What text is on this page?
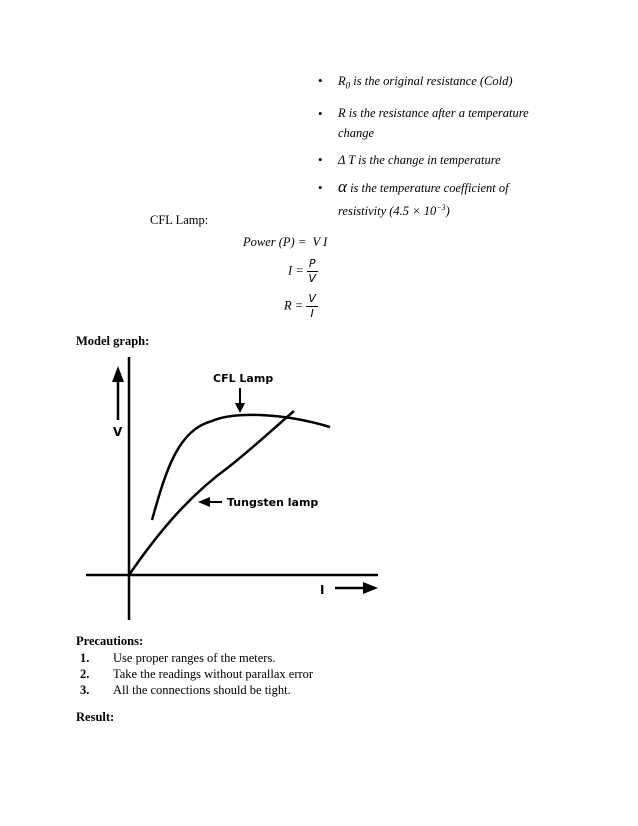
• $R_0$ is the original resistance (Cold)
• R is the resistance after a temperature
change
• Δ T is the change in temperature
• α is the temperature coefficient of
resistivity $(4.5 \times 10^{-3})$
CFL Lamp:
Power (P) = V I
$I = \frac{P}{V}$
$R = \frac{V}{I}$
Model graph:
V
I
CFL Lamp
Tungsten lamp
Precautions:
1. Use proper ranges of the meters.
2. Take the readings without parallax error
3. All the connections should be tight.
Result:
